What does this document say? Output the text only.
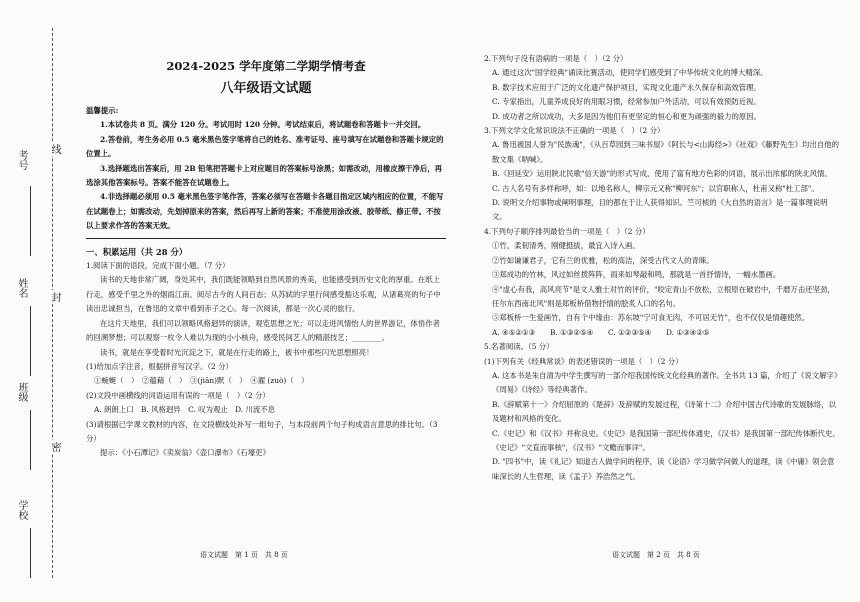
考号
姓名
班级
学校
线
封
密
2024-2025 学年度第二学期学情考查
八年级语文试题
温馨提示:

1.本试卷共 8 页。满分 120 分。考试用时 120 分钟。考试结束后，将试题卷和答题卡一并交回。

2.答卷前，考生务必用 0.5 毫米黑色签字笔将自己的姓名、准考证号、座号填写在试题卷和答题卡规定的位置上。

3.选择题选出答案后，用 2B 铅笔把答题卡上对应题目的答案标号涂黑；如需改动，用橡皮擦干净后，再选涂其他答案标号。答案不能答在试题卷上。

4.非选择题必须用 0.5 毫米黑色签字笔作答，答案必须写在答题卡各题目指定区域内相应的位置，不能写在试题卷上；如需改动，先划掉原来的答案，然后再写上新的答案；不准使用涂改液、胶带纸、修正带。不按以上要求作答的答案无效。

一、积累运用（共 28 分）

1.阅读下面的语段，完成下面小题。（7 分）

读书的天地非常广阔，身处其中，我们既能领略到自然风景的秀美，也能感受到历史文化的厚重。在纸上行走，感受千里之外的烟雨江南、阅尽古今的人间百态；从苏轼的字里行间感受豁达乐观，从诸葛亮的句子中读出忠诚担当，在鲁迅的文章中看到赤子之心。每一次阅读，都是一次心灵的旅行。

在这片天地里，我们可以领略风格迥异的演讲，观览思想之光；可以走进风情怡人的世界游记，体悟作者的回溯梦想；可以观察一枚令人难以为现的小小核舟，感受民间艺人的精湛技艺；________。

读书，就是在享受着时光沉淀之下，就是在行走的路上，被书中那些闪光思想照亮！

(1)给加点字注音，根据拼音写汉字。（2 分）

①蜿蜒（　）　②蕴藉（　）　③(jiān)默（　）　④濯 (zuò)（　）

(2)文段中画横线的词语运用有误的一项是（　）（2 分）

A. 朗朗上口　B. 风格迥异　C. 叹为观止　D. 川流不息

(3)请根据已学课文教材的内容，在文段横线处补写一组句子，与本段前两个句子构成语言意思的排比句。（3 分）

提示：《小石潭记》《卖炭翁》《壶口瀑布》《石壕吏》

语文试题　第 1 页　共 8 页

2.下列句子没有语病的一项是（　）（2 分）

A. 通过这次"国学经典"诵读比赛活动，使同学们感受到了中华传统文化的博大精深。

B. 数字技术应用于广泛的文化遗产保护项目，实现文化遗产永久保存和高效管理。

C. 专家指出，儿童养成良好的用眼习惯，经常参加户外活动，可以有效预防近视。

D. 成功者之所以成功，大多是因为他们有更坚定的恒心和更为顽强的毅力的原因。

3.下列文学文化常识说法不正确的一项是（　）（2 分）

A. 鲁迅被国人誉为"民族魂"，《从百草园到三味书屋》《阿长与<山海经>》《社戏》《藤野先生》均出自他的散文集《呐喊》。

B.《回延安》运用陕北民歌"信天游"的形式写成，使用了富有地方色彩的词语，展示出浓郁的陕北风情。

C. 古人名号有多样称呼，如：以地名称人，柳宗元又称"柳河东"；以官职称人，杜甫又称"杜工部"。

D. 说明文介绍事物或阐明事理，目的都在于让人获得知识。竺可桢的《大自然的语言》是一篇事理说明文。

4.下列句子顺序排列最恰当的一项是（　）（2 分）

①竹，柔韧清秀，刚健挺拔，最宜入诗入画。

②竹如谦谦君子，它有兰的优雅，松的高洁，深受古代文人的青睐。

③郑成功的竹林，风过如丝拨阵阵，雨来如琴敲和鸣，那就是一首抒情诗，一幅水墨画。

④"虚心有我，高风亮节"是文人雅士对竹的评价，"咬定青山不放松，立根原在破岩中，千磨万击还坚劲，任尔东西南北风"则是郑板桥借物抒情的脍炙人口的名句。

⑤郑板桥一生爱画竹，自有个中缘由：苏东坡"宁可食无肉，不可居无竹"，也不仅仅是情趣使然。

A. ④⑤②①③　　B. ①③②⑤④　　C. ①②③⑤④　　D. ①③④②⑤

5.名著阅读。（5 分）

(1)下列有关《经典常谈》的表述错误的一项是（　）（2 分）

A. 这本书是朱自清为中学生撰写的一部介绍我国传统文化经典的著作。全书共 13 篇，介绍了《说文解字》《周易》《诗经》等经典著作。

B.《辞赋第十一》介绍屈原的《楚辞》及辞赋的发展过程，《诗第十二》介绍中国古代诗歌的发展脉络，以及题材和风格的变化。

C.《史记》和《汉书》并称良史。《史记》是我国第一部纪传体通史，《汉书》是我国第一部纪传体断代史。《史记》"文直而事核"，《汉书》"文赡而事详"。

D. "四书"中，读《礼记》知道古人做学问的程序，读《论语》学习做学问做人的道理，读《中庸》领会意味深长的人生哲理，读《孟子》养浩然之气。

语文试题　第 2 页　共 8 页
